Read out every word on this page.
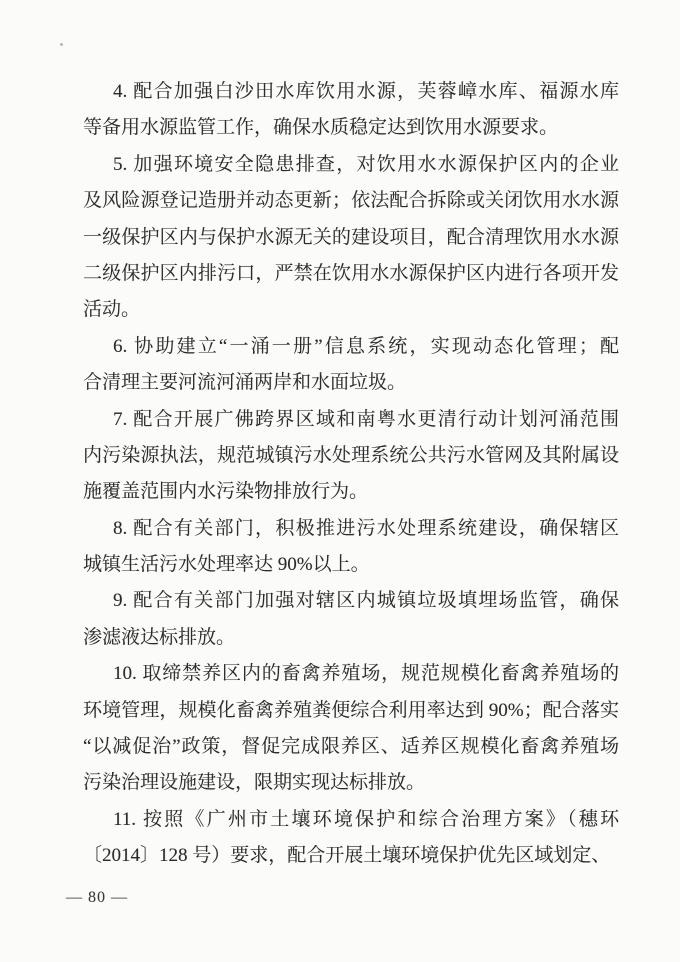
4. 配合加强白沙田水库饮用水源，芙蓉嶂水库、福源水库
等备用水源监管工作，确保水质稳定达到饮用水源要求。
5. 加强环境安全隐患排查，对饮用水水源保护区内的企业
及风险源登记造册并动态更新；依法配合拆除或关闭饮用水水源
一级保护区内与保护水源无关的建设项目，配合清理饮用水水源
二级保护区内排污口，严禁在饮用水水源保护区内进行各项开发
活动。
6. 协助建立“一涌一册”信息系统，实现动态化管理；配
合清理主要河流河涌两岸和水面垃圾。
7. 配合开展广佛跨界区域和南粤水更清行动计划河涌范围
内污染源执法，规范城镇污水处理系统公共污水管网及其附属设
施覆盖范围内水污染物排放行为。
8. 配合有关部门，积极推进污水处理系统建设，确保辖区
城镇生活污水处理率达 90%以上。
9. 配合有关部门加强对辖区内城镇垃圾填埋场监管，确保
渗滤液达标排放。
10. 取缔禁养区内的畜禽养殖场，规范规模化畜禽养殖场的
环境管理，规模化畜禽养殖粪便综合利用率达到 90%；配合落实
“以减促治”政策，督促完成限养区、适养区规模化畜禽养殖场
污染治理设施建设，限期实现达标排放。
11. 按照《广州市土壤环境保护和综合治理方案》（穗环
〔2014〕128 号）要求，配合开展土壤环境保护优先区域划定、
— 80 —
